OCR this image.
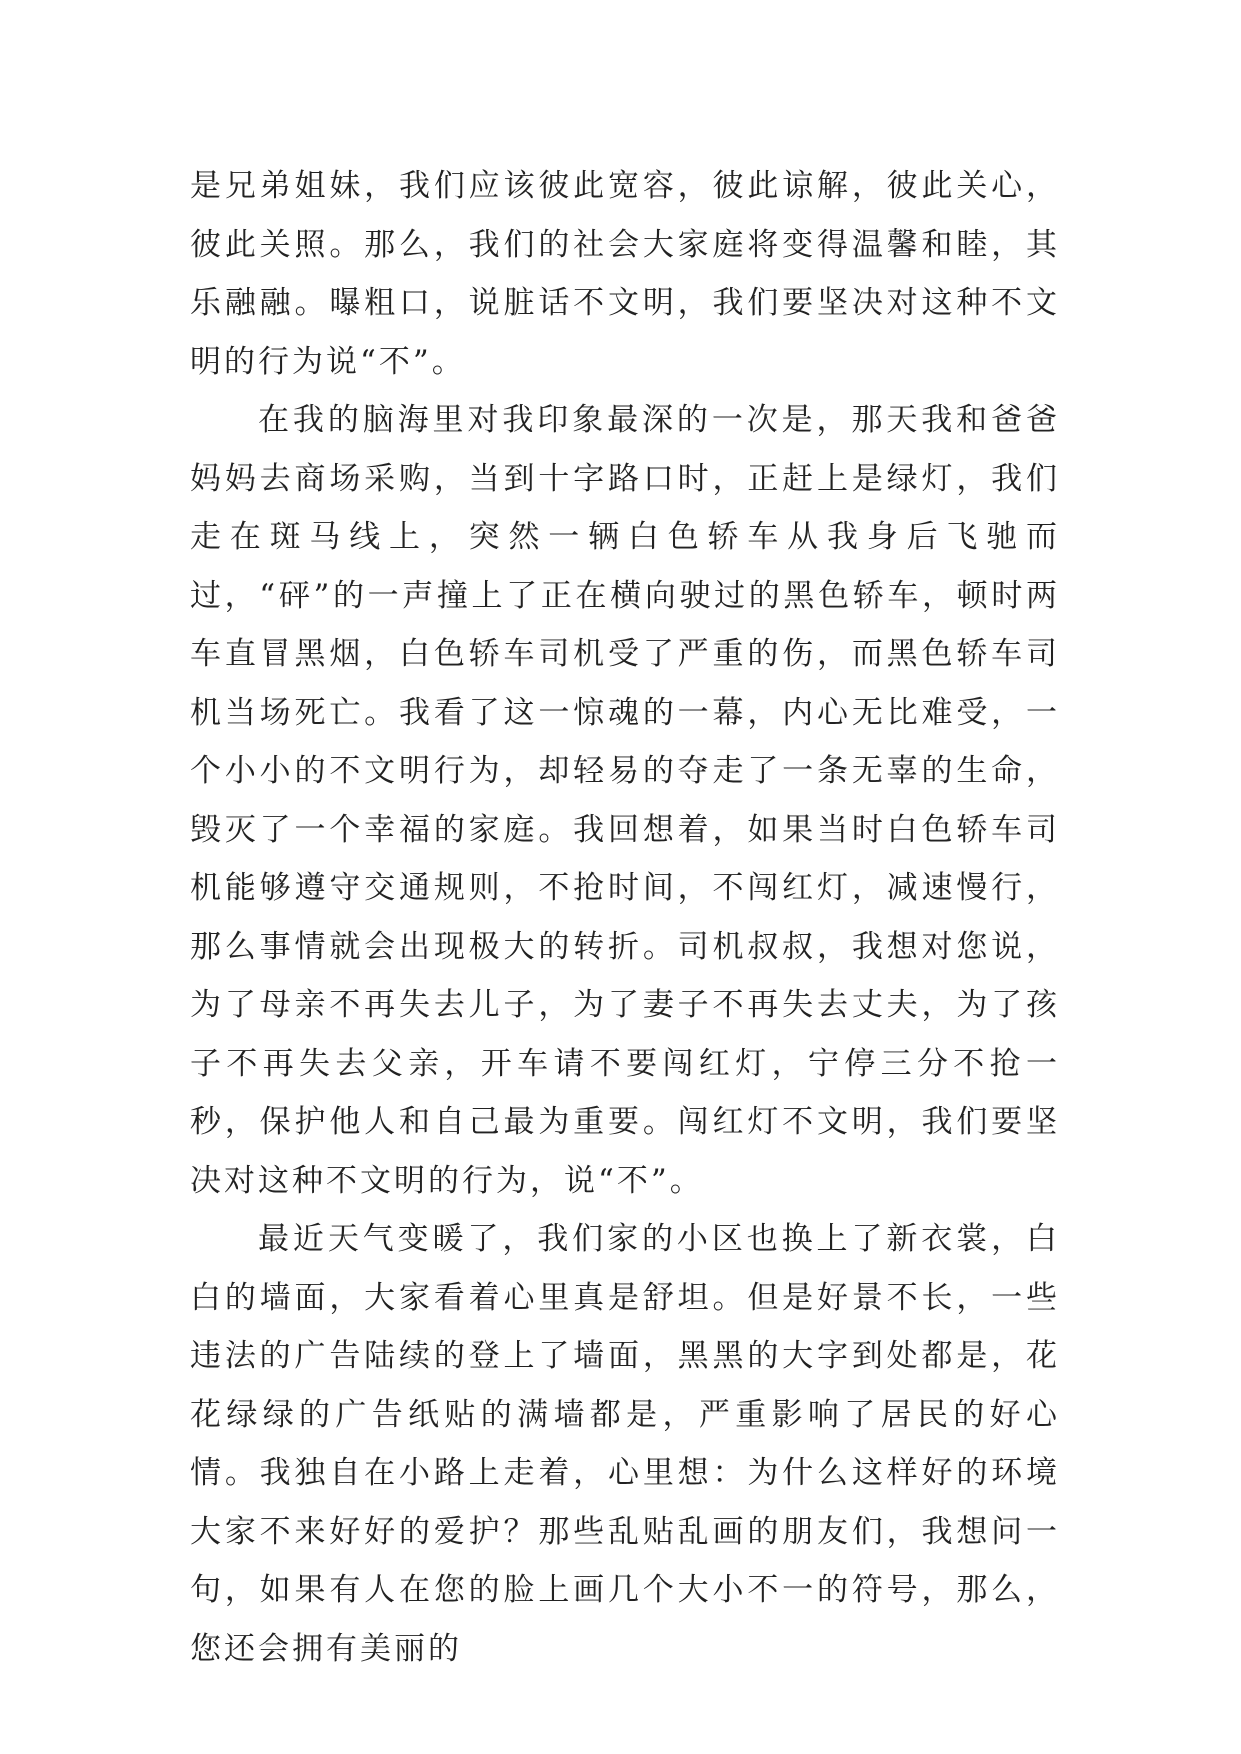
是兄弟姐妹，我们应该彼此宽容，彼此谅解，彼此关心，彼此关照。那么，我们的社会大家庭将变得温馨和睦，其乐融融。曝粗口，说脏话不文明，我们要坚决对这种不文明的行为说“不”。

在我的脑海里对我印象最深的一次是，那天我和爸爸妈妈去商场采购，当到十字路口时，正赶上是绿灯，我们走在斑马线上，突然一辆白色轿车从我身后飞驰而过，“砰”的一声撞上了正在横向驶过的黑色轿车，顿时两车直冒黑烟，白色轿车司机受了严重的伤，而黑色轿车司机当场死亡。我看了这一惊魂的一幕，内心无比难受，一个小小的不文明行为，却轻易的夺走了一条无辜的生命，毁灭了一个幸福的家庭。我回想着，如果当时白色轿车司机能够遵守交通规则，不抢时间，不闯红灯，减速慢行，那么事情就会出现极大的转折。司机叔叔，我想对您说，为了母亲不再失去儿子，为了妻子不再失去丈夫，为了孩子不再失去父亲，开车请不要闯红灯，宁停三分不抢一秒，保护他人和自己最为重要。闯红灯不文明，我们要坚决对这种不文明的行为，说“不”。

最近天气变暖了，我们家的小区也换上了新衣裳，白白的墙面，大家看着心里真是舒坦。但是好景不长，一些违法的广告陆续的登上了墙面，黑黑的大字到处都是，花花绿绿的广告纸贴的满墙都是，严重影响了居民的好心情。我独自在小路上走着，心里想：为什么这样好的环境大家不来好好的爱护？那些乱贴乱画的朋友们，我想问一句，如果有人在您的脸上画几个大小不一的符号，那么，您还会拥有美丽的
